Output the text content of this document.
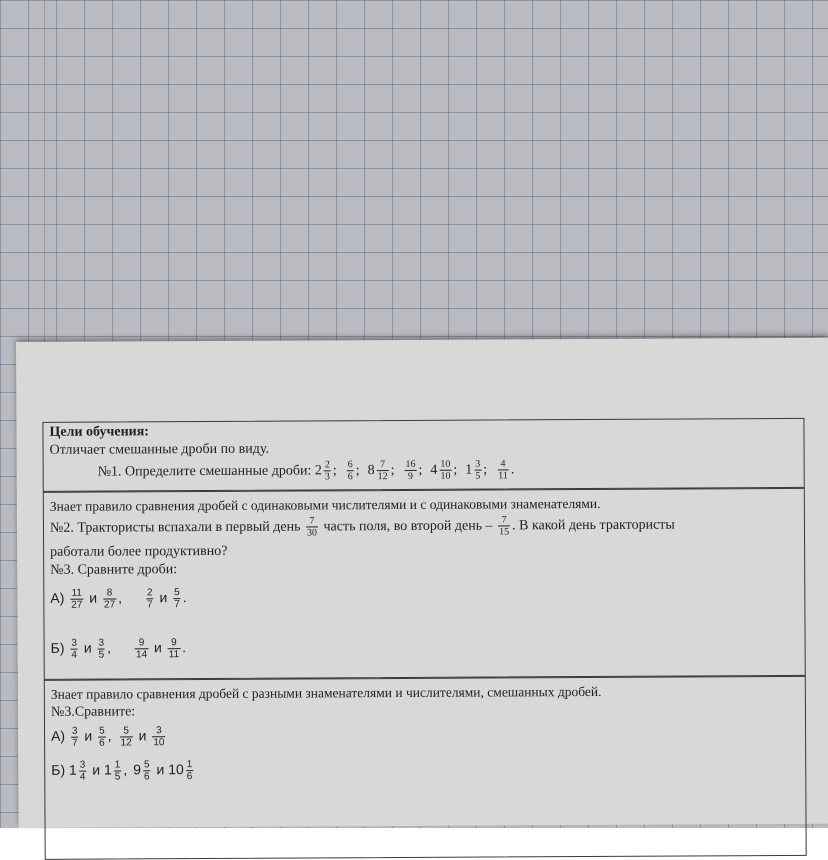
Цели обучения:
Отличает смешанные дроби по виду.
№1. Определите смешанные дроби: $2 \frac{2}{3}$ ; $\frac{6}{6}$ ; $8 \frac{7}{12}$ ; $\frac{16}{9}$ ; $4 \frac{10}{10}$ ; $1 \frac{3}{5}$ ; $\frac{4}{11}$ .
Знает правило сравнения дробей с одинаковыми числителями и с одинаковыми знаменателями.
№2. Трактористы вспахали в первый день $\frac{7}{30}$ часть поля, во второй день – $\frac{7}{15}$ . В какой день трактористы
работали более продуктивно?
№3. Сравните дроби:
$А) \frac{11}{27}$ и $\frac{8}{27}$ , $\frac{2}{7}$ и $\frac{5}{7}$ .
$Б) \frac{3}{4}$ и $\frac{3}{5}$ , $\frac{9}{14}$ и $\frac{9}{11}$ .
Знает правило сравнения дробей с разными знаменателями и числителями, смешанных дробей.
№3.Сравните:
$А) \frac{3}{7}$ и $\frac{5}{6}$ , $\frac{5}{12}$ и $\frac{3}{10}$
Б) $1 \frac{3}{4}$ и $1 \frac{1}{5}$ , $9 \frac{5}{6}$ и $10 \frac{1}{6}$
